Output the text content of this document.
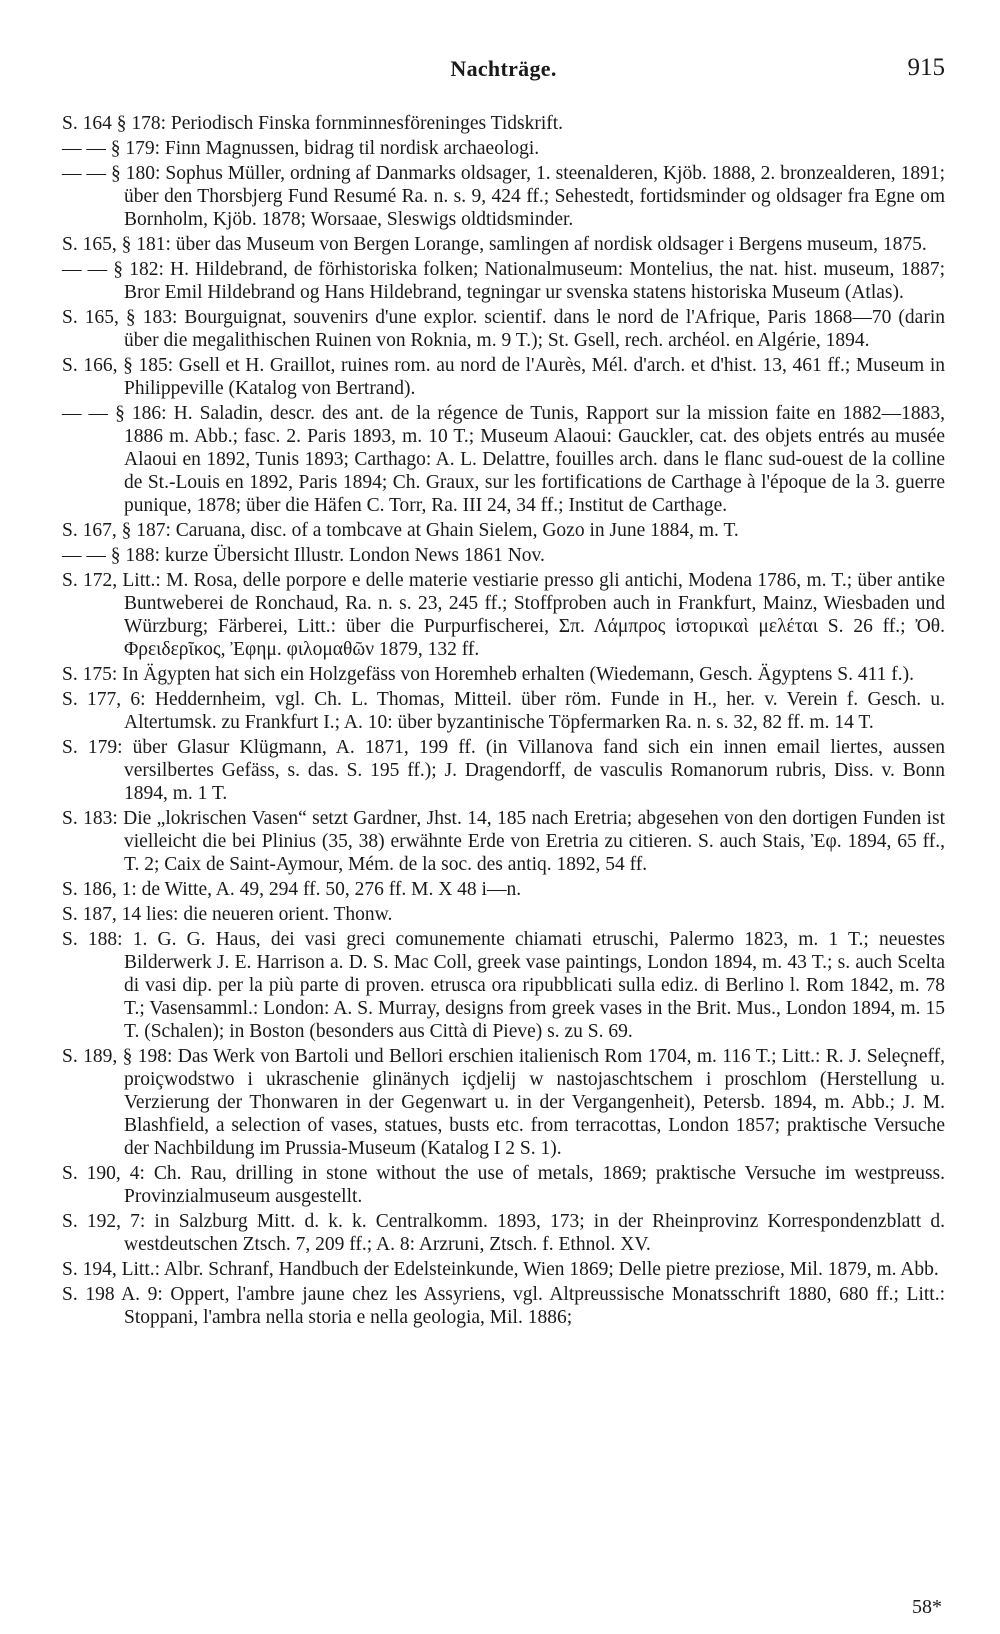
Nachträge.	915

S. 164 § 178: Periodisch Finska fornminnesföreninges Tidskrift.

— — § 179: Finn Magnussen, bidrag til nordisk archaeologi.

— — § 180: Sophus Müller, ordning af Danmarks oldsager, 1. steenalderen, Kjöb. 1888, 2. bronzealderen, 1891; über den Thorsbjerg Fund Resumé Ra. n. s. 9, 424 ff.; Sehestedt, fortidsminder og oldsager fra Egne om Bornholm, Kjöb. 1878; Worsaae, Sleswigs oldtidsminder.

S. 165, § 181: über das Museum von Bergen Lorange, samlingen af nordisk oldsager i Bergens museum, 1875.

— — § 182: H. Hildebrand, de förhistoriska folken; Nationalmuseum: Montelius, the nat. hist. museum, 1887; Bror Emil Hildebrand og Hans Hildebrand, tegningar ur svenska statens historiska Museum (Atlas).

S. 165, § 183: Bourguignat, souvenirs d'une explor. scientif. dans le nord de l'Afrique, Paris 1868—70 (darin über die megalithischen Ruinen von Roknia, m. 9 T.); St. Gsell, rech. archéol. en Algérie, 1894.

S. 166, § 185: Gsell et H. Graillot, ruines rom. au nord de l'Aurès, Mél. d'arch. et d'hist. 13, 461 ff.; Museum in Philippeville (Katalog von Bertrand).

— — § 186: H. Saladin, descr. des ant. de la régence de Tunis, Rapport sur la mission faite en 1882—1883, 1886 m. Abb.; fasc. 2. Paris 1893, m. 10 T.; Museum Alaoui: Gauckler, cat. des objets entrés au musée Alaoui en 1892, Tunis 1893; Carthago: A. L. Delattre, fouilles arch. dans le flanc sud-ouest de la colline de St.-Louis en 1892, Paris 1894; Ch. Graux, sur les fortifications de Carthage à l'époque de la 3. guerre punique, 1878; über die Häfen C. Torr, Ra. III 24, 34 ff.; Institut de Carthage.

S. 167, § 187: Caruana, disc. of a tombcave at Ghain Sielem, Gozo in June 1884, m. T.

— — § 188: kurze Übersicht Illustr. London News 1861 Nov.

S. 172, Litt.: M. Rosa, delle porpore e delle materie vestiarie presso gli antichi, Modena 1786, m. T.; über antike Buntweberei de Ronchaud, Ra. n. s. 23, 245 ff.; Stoffproben auch in Frankfurt, Mainz, Wiesbaden und Würzburg; Färberei, Litt.: über die Purpurfischerei, Σπ. Λάμπρος ἱστορικαὶ μελέται S. 26 ff.; Ὀθ. Φρειδερῖκος, Ἐφημ. φιλομαθῶν 1879, 132 ff.

S. 175: In Ägypten hat sich ein Holzgefäss von Horemheb erhalten (Wiedemann, Gesch. Ägyptens S. 411 f.).

S. 177, 6: Heddernheim, vgl. Ch. L. Thomas, Mitteil. über röm. Funde in H., her. v. Verein f. Gesch. u. Altertumsk. zu Frankfurt I.; A. 10: über byzantinische Töpfermarken Ra. n. s. 32, 82 ff. m. 14 T.

S. 179: über Glasur Klügmann, A. 1871, 199 ff. (in Villanova fand sich ein innen email liertes, aussen versilbertes Gefäss, s. das. S. 195 ff.); J. Dragendorff, de vasculis Romanorum rubris, Diss. v. Bonn 1894, m. 1 T.

S. 183: Die „lokrischen Vasen“ setzt Gardner, Jhst. 14, 185 nach Eretria; abgesehen von den dortigen Funden ist vielleicht die bei Plinius (35, 38) erwähnte Erde von Eretria zu citieren. S. auch Stais, Ἐφ. 1894, 65 ff., T. 2; Caix de Saint-Aymour, Mém. de la soc. des antiq. 1892, 54 ff.

S. 186, 1: de Witte, A. 49, 294 ff. 50, 276 ff. M. X 48 i—n.

S. 187, 14 lies: die neueren orient. Thonw.

S. 188: 1. G. G. Haus, dei vasi greci comunemente chiamati etruschi, Palermo 1823, m. 1 T.; neuestes Bilderwerk J. E. Harrison a. D. S. Mac Coll, greek vase paintings, London 1894, m. 43 T.; s. auch Scelta di vasi dip. per la più parte di proven. etrusca ora ripubblicati sulla ediz. di Berlino l. Rom 1842, m. 78 T.; Vasensamml.: London: A. S. Murray, designs from greek vases in the Brit. Mus., London 1894, m. 15 T. (Schalen); in Boston (besonders aus Città di Pieve) s. zu S. 69.

S. 189, § 198: Das Werk von Bartoli und Bellori erschien italienisch Rom 1704, m. 116 T.; Litt.: R. J. Seleçneff, proiçwodstwo i ukraschenie glinänych içdjelij w nastojaschtschem i proschlom (Herstellung u. Verzierung der Thonwaren in der Gegenwart u. in der Vergangenheit), Petersb. 1894, m. Abb.; J. M. Blashfield, a selection of vases, statues, busts etc. from terracottas, London 1857; praktische Versuche der Nachbildung im Prussia-Museum (Katalog I 2 S. 1).

S. 190, 4: Ch. Rau, drilling in stone without the use of metals, 1869; praktische Versuche im westpreuss. Provinzialmuseum ausgestellt.

S. 192, 7: in Salzburg Mitt. d. k. k. Centralkomm. 1893, 173; in der Rheinprovinz Korrespondenzblatt d. westdeutschen Ztsch. 7, 209 ff.; A. 8: Arzruni, Ztsch. f. Ethnol. XV.

S. 194, Litt.: Albr. Schranf, Handbuch der Edelsteinkunde, Wien 1869; Delle pietre preziose, Mil. 1879, m. Abb.

S. 198 A. 9: Oppert, l'ambre jaune chez les Assyriens, vgl. Altpreussische Monatsschrift 1880, 680 ff.; Litt.: Stoppani, l'ambra nella storia e nella geologia, Mil. 1886;

58*
